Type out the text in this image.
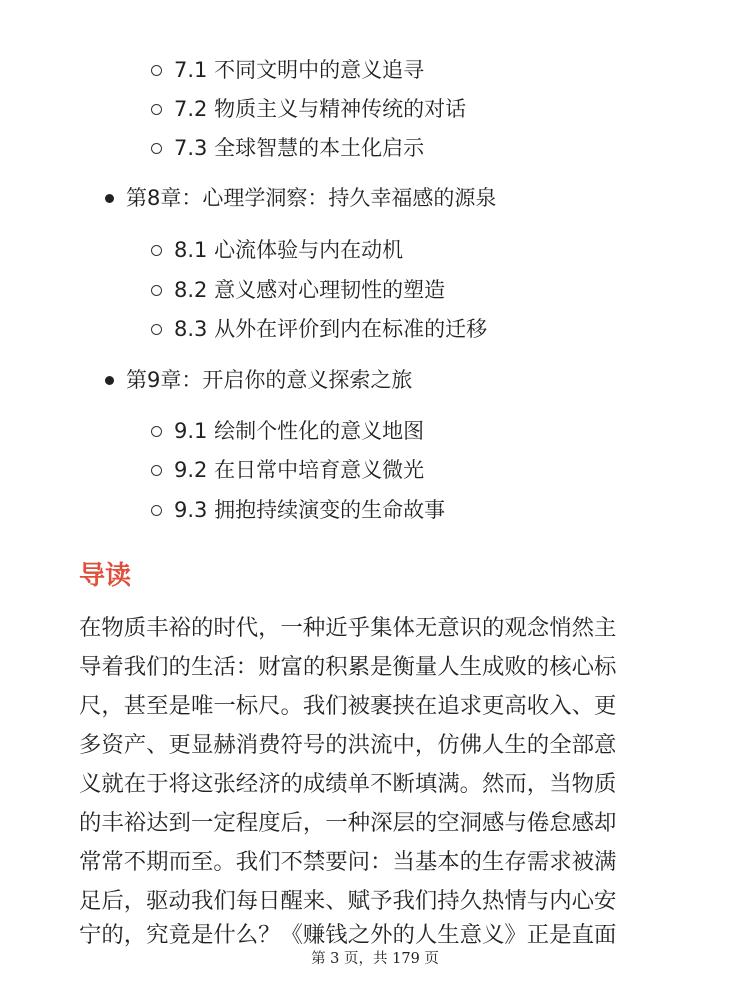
7.1 不同文明中的意义追寻
7.2 物质主义与精神传统的对话
7.3 全球智慧的本土化启示
第8章：心理学洞察：持久幸福感的源泉
8.1 心流体验与内在动机
8.2 意义感对心理韧性的塑造
8.3 从外在评价到内在标准的迁移
第9章：开启你的意义探索之旅
9.1 绘制个性化的意义地图
9.2 在日常中培育意义微光
9.3 拥抱持续演变的生命故事
导读
在物质丰裕的时代，一种近乎集体无意识的观念悄然主
导着我们的生活：财富的积累是衡量人生成败的核心标
尺，甚至是唯一标尺。我们被裹挟在追求更高收入、更
多资产、更显赫消费符号的洪流中，仿佛人生的全部意
义就在于将这张经济的成绩单不断填满。然而，当物质
的丰裕达到一定程度后，一种深层的空洞感与倦怠感却
常常不期而至。我们不禁要问：当基本的生存需求被满
足后，驱动我们每日醒来、赋予我们持久热情与内心安
宁的，究竟是什么？《赚钱之外的人生意义》正是直面
第 3 页，共 179 页
